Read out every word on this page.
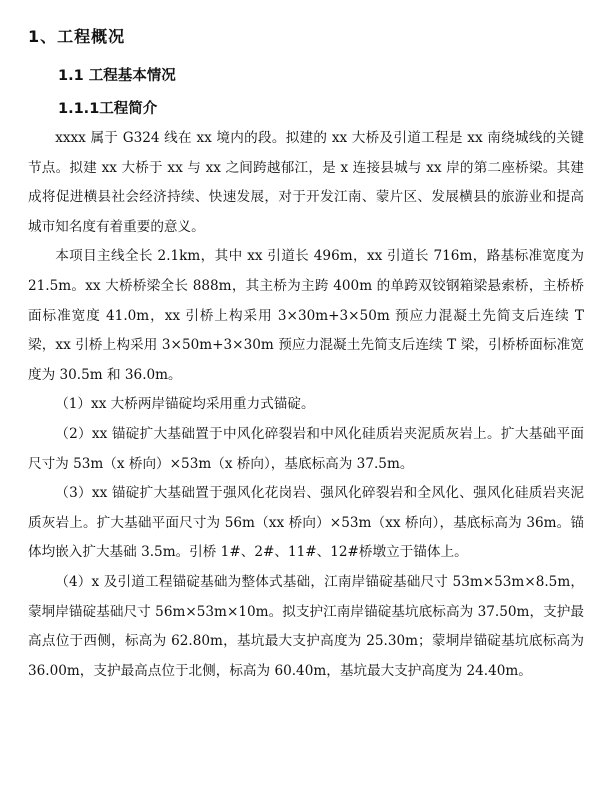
1、工程概况
1.1 工程基本情况
1.1.1工程简介

xxxx 属于 G324 线在 xx 境内的段。拟建的 xx 大桥及引道工程是 xx 南绕城线的关键节点。拟建 xx 大桥于 xx 与 xx 之间跨越郁江，是 x 连接县城与 xx 岸的第二座桥梁。其建成将促进横县社会经济持续、快速发展，对于开发江南、蒙片区、发展横县的旅游业和提高城市知名度有着重要的意义。

本项目主线全长 2.1km，其中 xx 引道长 496m，xx 引道长 716m，路基标准宽度为 21.5m。xx 大桥桥梁全长 888m，其主桥为主跨 400m 的单跨双铰钢箱梁悬索桥，主桥桥面标准宽度 41.0m，xx 引桥上构采用 3×30m+3×50m 预应力混凝土先简支后连续 T 梁，xx 引桥上构采用 3×50m+3×30m 预应力混凝土先简支后连续 T 梁，引桥桥面标准宽度为 30.5m 和 36.0m。

（1）xx 大桥两岸锚碇均采用重力式锚碇。

（2）xx 锚碇扩大基础置于中风化碎裂岩和中风化硅质岩夹泥质灰岩上。扩大基础平面尺寸为 53m（x 桥向）×53m（x 桥向），基底标高为 37.5m。

（3）xx 锚碇扩大基础置于强风化花岗岩、强风化碎裂岩和全风化、强风化硅质岩夹泥质灰岩上。扩大基础平面尺寸为 56m（xx 桥向）×53m（xx 桥向），基底标高为 36m。锚体均嵌入扩大基础 3.5m。引桥 1#、2#、11#、12#桥墩立于锚体上。

（4）x 及引道工程锚碇基础为整体式基础，江南岸锚碇基础尺寸 53m×53m×8.5m，蒙垌岸锚碇基础尺寸 56m×53m×10m。拟支护江南岸锚碇基坑底标高为 37.50m，支护最高点位于西侧，标高为 62.80m，基坑最大支护高度为 25.30m；蒙垌岸锚碇基坑底标高为 36.00m，支护最高点位于北侧，标高为 60.40m，基坑最大支护高度为 24.40m。
